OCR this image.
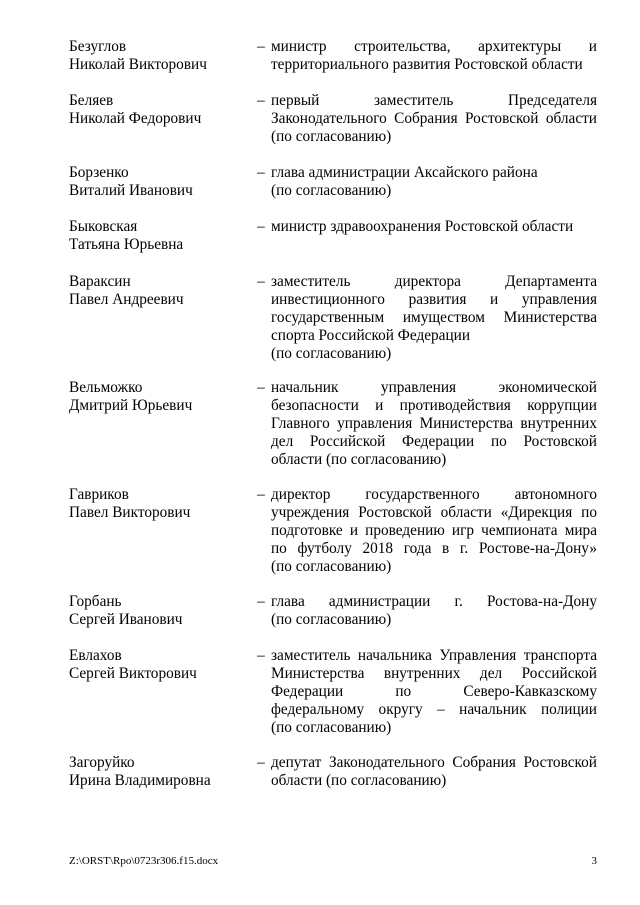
Безуглов
Николай Викторович
– министр строительства, архитектуры и
территориального развития Ростовской области
Беляев
Николай Федорович
– первый заместитель Председателя
Законодательного Собрания Ростовской области
(по согласованию)
Борзенко
Виталий Иванович
– глава администрации Аксайского района
(по согласованию)
Быковская
Татьяна Юрьевна
– министр здравоохранения Ростовской области
Вараксин
Павел Андреевич
– заместитель директора Департамента
инвестиционного развития и управления
государственным имуществом Министерства
спорта Российской Федерации
(по согласованию)
Вельможко
Дмитрий Юрьевич
– начальник управления экономической
безопасности и противодействия коррупции
Главного управления Министерства внутренних
дел Российской Федерации по Ростовской
области (по согласованию)
Гавриков
Павел Викторович
– директор государственного автономного
учреждения Ростовской области «Дирекция по
подготовке и проведению игр чемпионата мира
по футболу 2018 года в г. Ростове-на-Дону»
(по согласованию)
Горбань
Сергей Иванович
– глава администрации г. Ростова-на-Дону
(по согласованию)
Евлахов
Сергей Викторович
– заместитель начальника Управления транспорта
Министерства внутренних дел Российской
Федерации по Северо-Кавказскому
федеральному округу – начальник полиции
(по согласованию)
Загоруйко
Ирина Владимировна
– депутат Законодательного Собрания Ростовской
области (по согласованию)
Z:\ORST\Rpo\0723r306.f15.docx	3
